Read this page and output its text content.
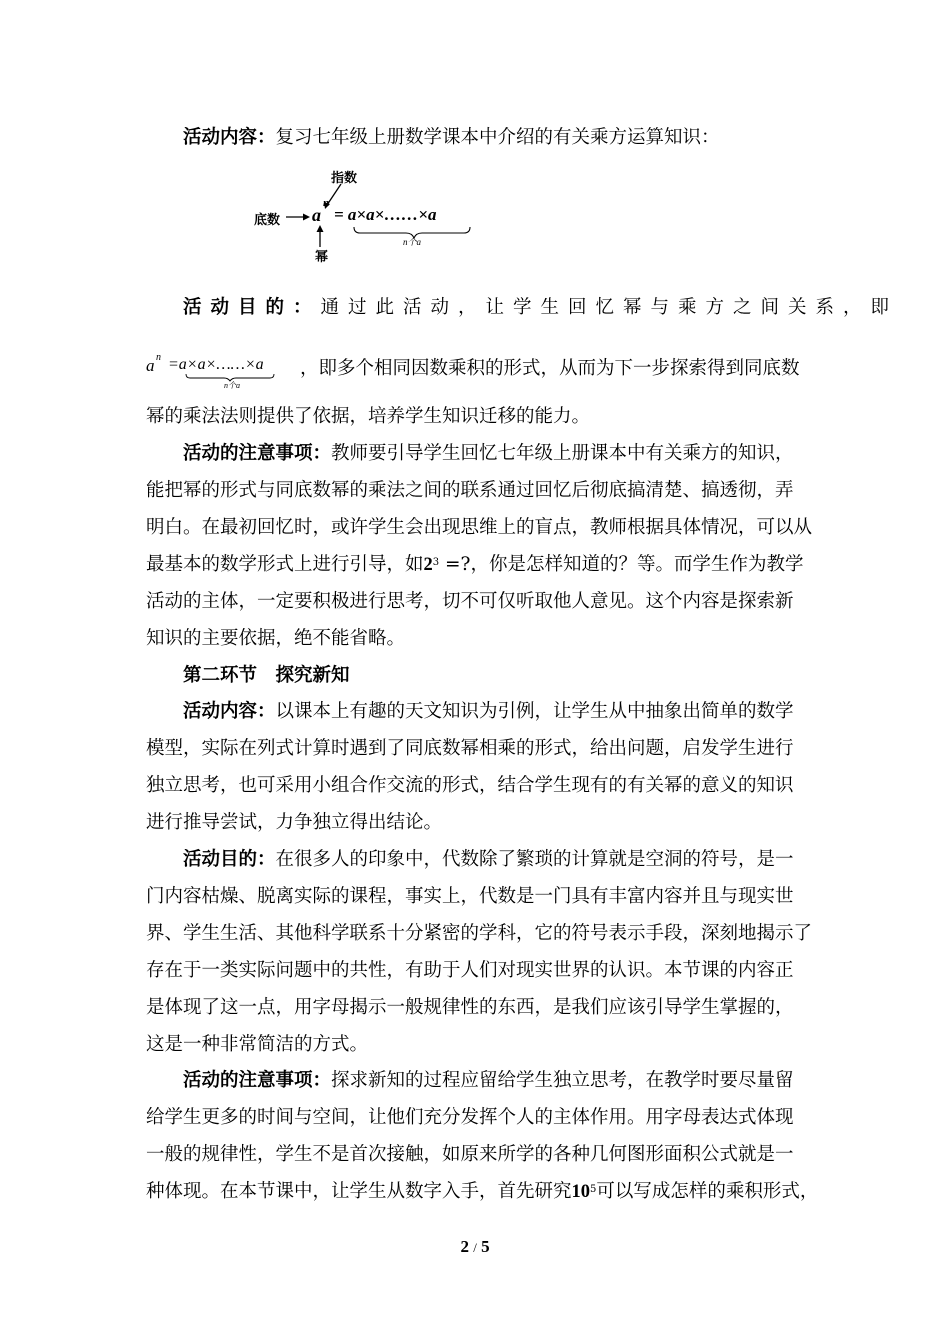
活动内容：复习七年级上册数学课本中介绍的有关乘方运算知识：
指数
底数
幂
a
n
= a×a×……×a
n个a
活动目的：通过此活动，让学生回忆幂与乘方之间关系，即
a n =a×a×……×a
n个a
，即多个相同因数乘积的形式，从而为下一步探索得到同底数
幂的乘法法则提供了依据，培养学生知识迁移的能力。
活动的注意事项：教师要引导学生回忆七年级上册课本中有关乘方的知识，
能把幂的形式与同底数幂的乘法之间的联系通过回忆后彻底搞清楚、搞透彻，弄
明白。在最初回忆时，或许学生会出现思维上的盲点，教师根据具体情况，可以从
最基本的数学形式上进行引导，如$2^3$ =?，你是怎样知道的？等。而学生作为教学
活动的主体，一定要积极进行思考，切不可仅听取他人意见。这个内容是探索新
知识的主要依据，绝不能省略。
第二环节　探究新知
活动内容：以课本上有趣的天文知识为引例，让学生从中抽象出简单的数学
模型，实际在列式计算时遇到了同底数幂相乘的形式，给出问题，启发学生进行
独立思考，也可采用小组合作交流的形式，结合学生现有的有关幂的意义的知识
进行推导尝试，力争独立得出结论。
活动目的：在很多人的印象中，代数除了繁琐的计算就是空洞的符号，是一
门内容枯燥、脱离实际的课程，事实上，代数是一门具有丰富内容并且与现实世
界、学生生活、其他科学联系十分紧密的学科，它的符号表示手段，深刻地揭示了
存在于一类实际问题中的共性，有助于人们对现实世界的认识。本节课的内容正
是体现了这一点，用字母揭示一般规律性的东西，是我们应该引导学生掌握的，
这是一种非常简洁的方式。
活动的注意事项：探求新知的过程应留给学生独立思考，在教学时要尽量留
给学生更多的时间与空间，让他们充分发挥个人的主体作用。用字母表达式体现
一般的规律性，学生不是首次接触，如原来所学的各种几何图形面积公式就是一
种体现。在本节课中，让学生从数字入手，首先研究$10^5$可以写成怎样的乘积形式，
2 / 5
